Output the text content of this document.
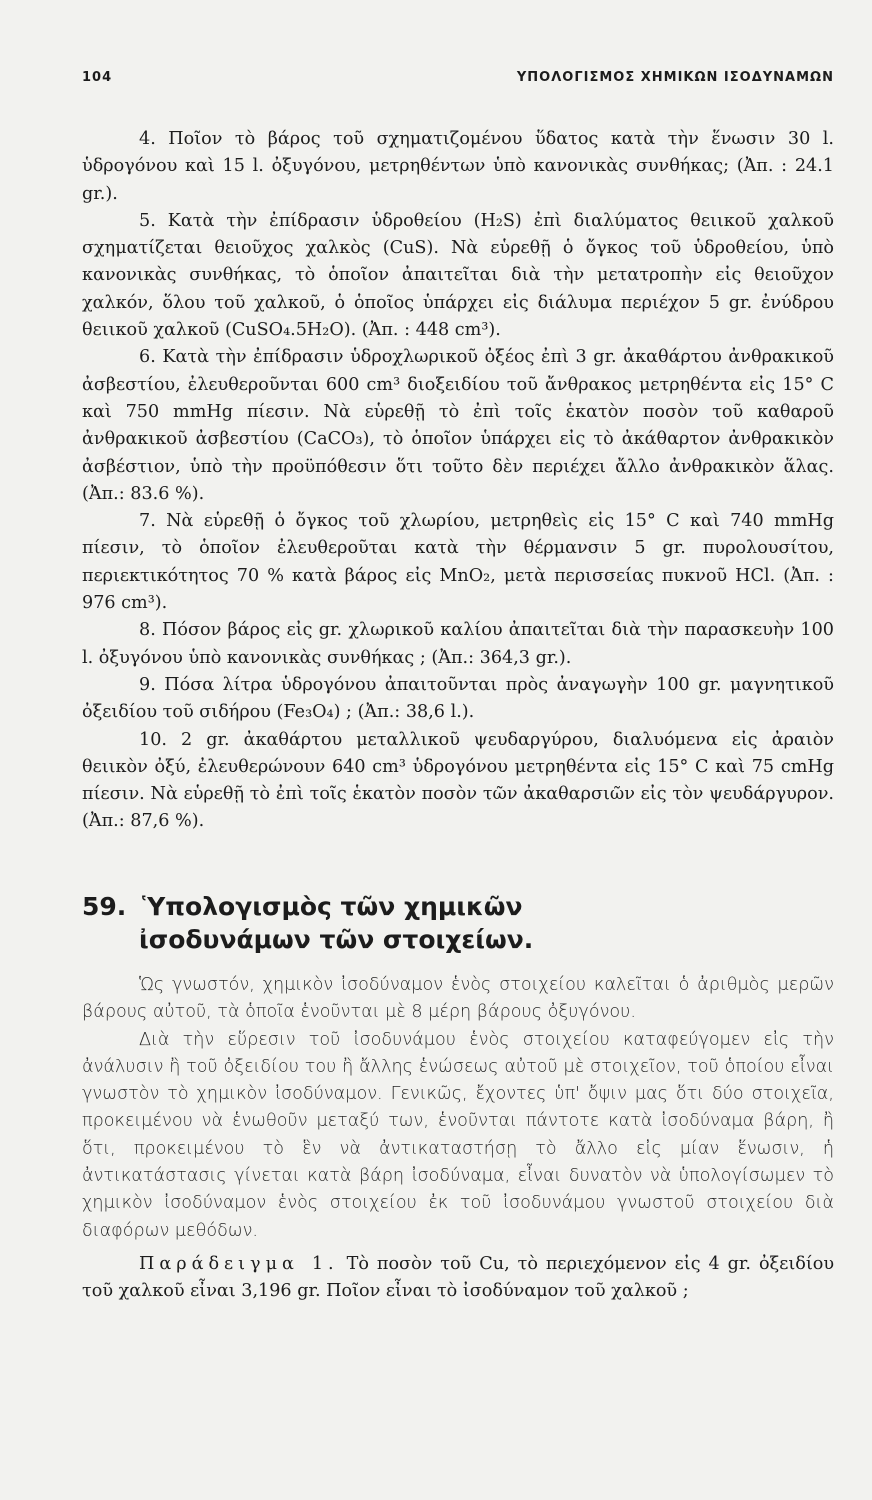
104	ΥΠΟΛΟΓΙΣΜΟΣ ΧΗΜΙΚΩΝ ΙΣΟΔΥΝΑΜΩΝ

4. Ποῖον τὸ βάρος τοῦ σχηματιζομένου ὕδατος κατὰ τὴν ἕνωσιν 30 l. ὑδρογόνου καὶ 15 l. ὀξυγόνου, μετρηθέντων ὑπὸ κανονικὰς συνθήκας; (Ἀπ. : 24.1 gr.).

5. Κατὰ τὴν ἐπίδρασιν ὑδροθείου (H₂S) ἐπὶ διαλύματος θειικοῦ χαλκοῦ σχηματίζεται θειοῦχος χαλκὸς (CuS). Νὰ εὑρεθῇ ὁ ὄγκος τοῦ ὑδροθείου, ὑπὸ κανονικὰς συνθήκας, τὸ ὁποῖον ἀπαιτεῖται διὰ τὴν μετατροπὴν εἰς θειοῦχον χαλκόν, ὅλου τοῦ χαλκοῦ, ὁ ὁποῖος ὑπάρχει εἰς διάλυμα περιέχον 5 gr. ἐνύδρου θειικοῦ χαλκοῦ (CuSO₄.5H₂O). (Ἀπ. : 448 cm³).

6. Κατὰ τὴν ἐπίδρασιν ὑδροχλωρικοῦ ὀξέος ἐπὶ 3 gr. ἀκαθάρτου ἀνθρακικοῦ ἀσβεστίου, ἐλευθεροῦνται 600 cm³ διοξειδίου τοῦ ἄνθρακος μετρηθέντα εἰς 15° C καὶ 750 mmHg πίεσιν. Νὰ εὑρεθῇ τὸ ἐπὶ τοῖς ἑκατὸν ποσὸν τοῦ καθαροῦ ἀνθρακικοῦ ἀσβεστίου (CaCO₃), τὸ ὁποῖον ὑπάρχει εἰς τὸ ἀκάθαρτον ἀνθρακικὸν ἀσβέστιον, ὑπὸ τὴν προϋπόθεσιν ὅτι τοῦτο δὲν περιέχει ἄλλο ἀνθρακικὸν ἅλας. (Ἀπ.: 83.6 %).

7. Νὰ εὑρεθῇ ὁ ὄγκος τοῦ χλωρίου, μετρηθεὶς εἰς 15° C καὶ 740 mmHg πίεσιν, τὸ ὁποῖον ἐλευθεροῦται κατὰ τὴν θέρμανσιν 5 gr. πυρολουσίτου, περιεκτικότητος 70 % κατὰ βάρος εἰς MnO₂, μετὰ περισσείας πυκνοῦ HCl. (Ἀπ. : 976 cm³).

8. Πόσον βάρος εἰς gr. χλωρικοῦ καλίου ἀπαιτεῖται διὰ τὴν παρασκευὴν 100 l. ὀξυγόνου ὑπὸ κανονικὰς συνθήκας ; (Ἀπ.: 364,3 gr.).

9. Πόσα λίτρα ὑδρογόνου ἀπαιτοῦνται πρὸς ἀναγωγὴν 100 gr. μαγνητικοῦ ὀξειδίου τοῦ σιδήρου (Fe₃O₄) ; (Ἀπ.: 38,6 l.).

10. 2 gr. ἀκαθάρτου μεταλλικοῦ ψευδαργύρου, διαλυόμενα εἰς ἀραιὸν θειικὸν ὀξύ, ἐλευθερώνουν 640 cm³ ὑδρογόνου μετρηθέντα εἰς 15° C καὶ 75 cmHg πίεσιν. Νὰ εὑρεθῇ τὸ ἐπὶ τοῖς ἑκατὸν ποσὸν τῶν ἀκαθαρσιῶν εἰς τὸν ψευδάργυρον. (Ἀπ.: 87,6 %).

59. Ὑπολογισμὸς τῶν χημικῶν
ἰσοδυνάμων τῶν στοιχείων.

Ὡς γνωστόν, χημικὸν ἰσοδύναμον ἑνὸς στοιχείου καλεῖται ὁ ἀριθμὸς μερῶν βάρους αὐτοῦ, τὰ ὁποῖα ἑνοῦνται μὲ 8 μέρη βάρους ὀξυγόνου.

Διὰ τὴν εὕρεσιν τοῦ ἰσοδυνάμου ἑνὸς στοιχείου καταφεύγομεν εἰς τὴν ἀνάλυσιν ἢ τοῦ ὀξειδίου του ἢ ἄλλης ἑνώσεως αὐτοῦ μὲ στοιχεῖον, τοῦ ὁποίου εἶναι γνωστὸν τὸ χημικὸν ἰσοδύναμον. Γενικῶς, ἔχοντες ὑπ' ὄψιν μας ὅτι δύο στοιχεῖα, προκειμένου νὰ ἑνωθοῦν μεταξύ των, ἑνοῦνται πάντοτε κατὰ ἰσοδύναμα βάρη, ἢ ὅτι, προκειμένου τὸ ἓν νὰ ἀντικαταστήσῃ τὸ ἄλλο εἰς μίαν ἕνωσιν, ἡ ἀντικατάστασις γίνεται κατὰ βάρη ἰσοδύναμα, εἶναι δυνατὸν νὰ ὑπολογίσωμεν τὸ χημικὸν ἰσοδύναμον ἑνὸς στοιχείου ἐκ τοῦ ἰσοδυνάμου γνωστοῦ στοιχείου διὰ διαφόρων μεθόδων.

Παράδειγμα 1. Τὸ ποσὸν τοῦ Cu, τὸ περιεχόμενον εἰς 4 gr. ὀξειδίου τοῦ χαλκοῦ εἶναι 3,196 gr. Ποῖον εἶναι τὸ ἰσοδύναμον τοῦ χαλκοῦ ;
